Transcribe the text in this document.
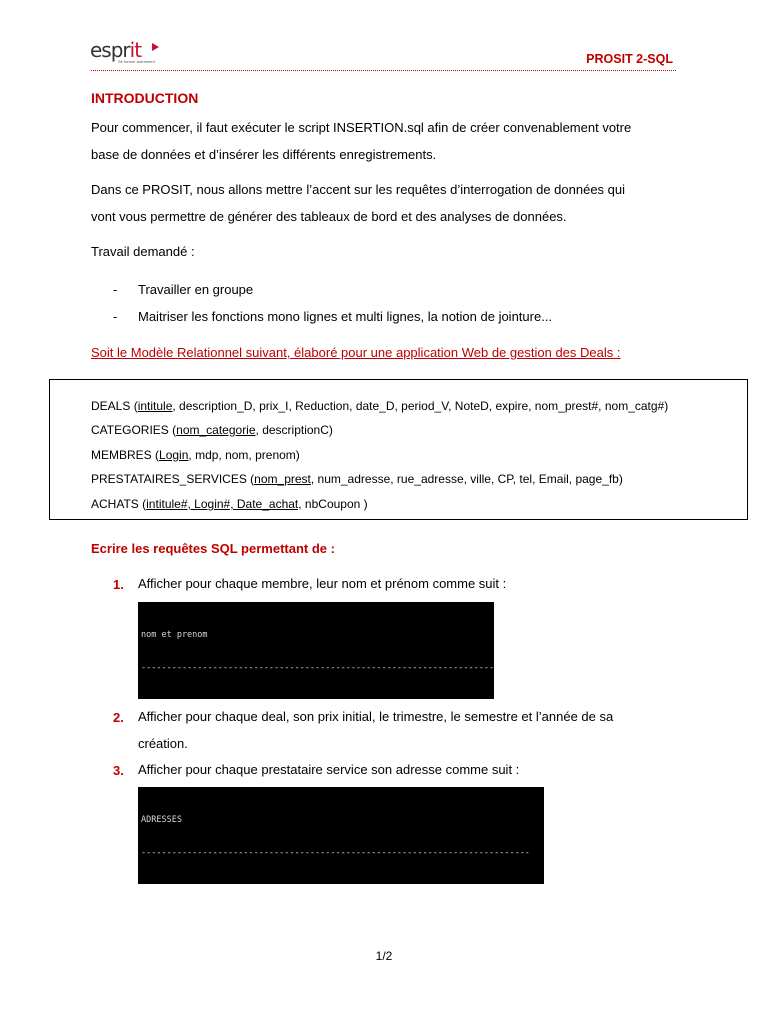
esprit
Se former autrement	PROSIT 2-SQL
INTRODUCTION
Pour commencer, il faut exécuter le script INSERTION.sql afin de créer convenablement votre
base de données et d’insérer les différents enregistrements.
Dans ce PROSIT, nous allons mettre l’accent sur les requêtes d’interrogation de données qui
vont vous permettre de générer des tableaux de bord et des analyses de données.
Travail demandé :
- Travailler en groupe
- Maitriser les fonctions mono lignes et multi lignes, la notion de jointure...
Soit le Modèle Relationnel suivant, élaboré pour une application Web de gestion des Deals :
DEALS (intitule, description_D, prix_I, Reduction, date_D, period_V, NoteD, expire, nom_prest#, nom_catg#)
CATEGORIES (nom_categorie, descriptionC)
MEMBRES (Login, mdp, nom, prenom)
PRESTATAIRES_SERVICES (nom_prest, num_adresse, rue_adresse, ville, CP, tel, Email, page_fb)
ACHATS (intitule#, Login#, Date_achat, nbCoupon )
Ecrire les requêtes SQL permettant de :
1. Afficher pour chaque membre, leur nom et prénom comme suit :

nom et prenom

---------------------------------------------------------------------

2. Afficher pour chaque deal, son prix initial, le trimestre, le semestre et l’année de sa
création.
3. Afficher pour chaque prestataire service son adresse comme suit :

ADRESSES

----------------------------------------------------------------------------

1/2
